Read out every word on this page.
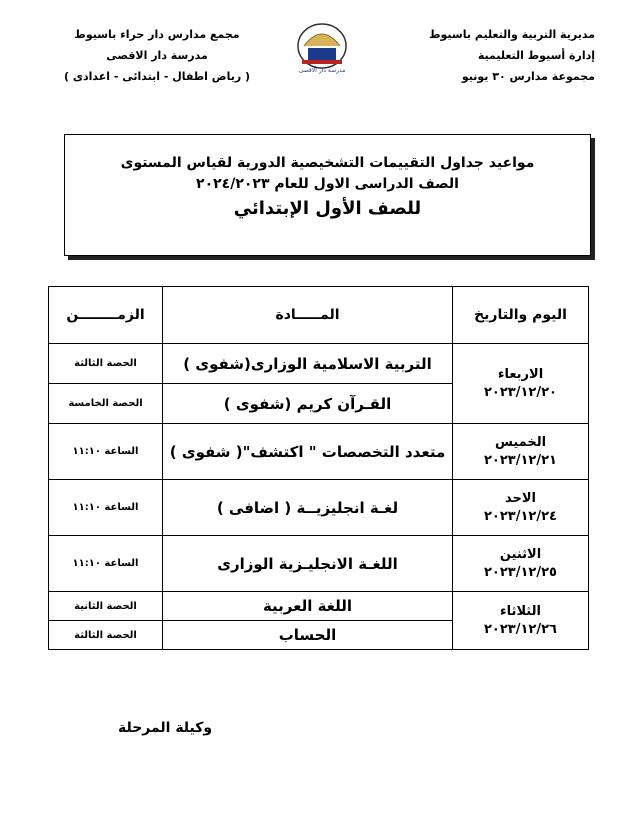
مديرية التربية والتعليم باسيوط
إدارة أسيوط التعليمية
مجموعة مدارس ٣٠ يونيو
مدرسة دار الاقصى
مجمع مدارس دار حراء باسيوط
مدرسة دار الاقصى
( رياض اطفال - ابتدائى - اعدادى )
مواعيد جداول التقييمات التشخيصية الدورية لقياس المستوى
الصف الدراسى الاول للعام ٢٠٢٤/٢٠٢٣
للصف الأول الإبتدائي
اليوم والتاريخ	المـــــادة	الزمــــــــن

الاربعاء
٢٠٢٣/١٢/٢٠	التربية الاسلامية الوزارى(شفوى )	الحصة الثالثة
	القـرآن كريم (شفوى )	الحصة الخامسة

الخميس
٢٠٢٣/١٢/٢١	متعدد التخصصات " اكتشف"( شفوى )	الساعة ١١:١٠

الاحد
٢٠٢٣/١٢/٢٤	لغـة انجليزيــة ( اضافى )	الساعة ١١:١٠

الاثنين
٢٠٢٣/١٢/٢٥	اللغـة الانجليـزية الوزارى	الساعة ١١:١٠

الثلاثاء
٢٠٢٣/١٢/٢٦	اللغة العربية	الحصة الثانية
	الحساب	الحصة الثالثة
وكيلة المرحلة
